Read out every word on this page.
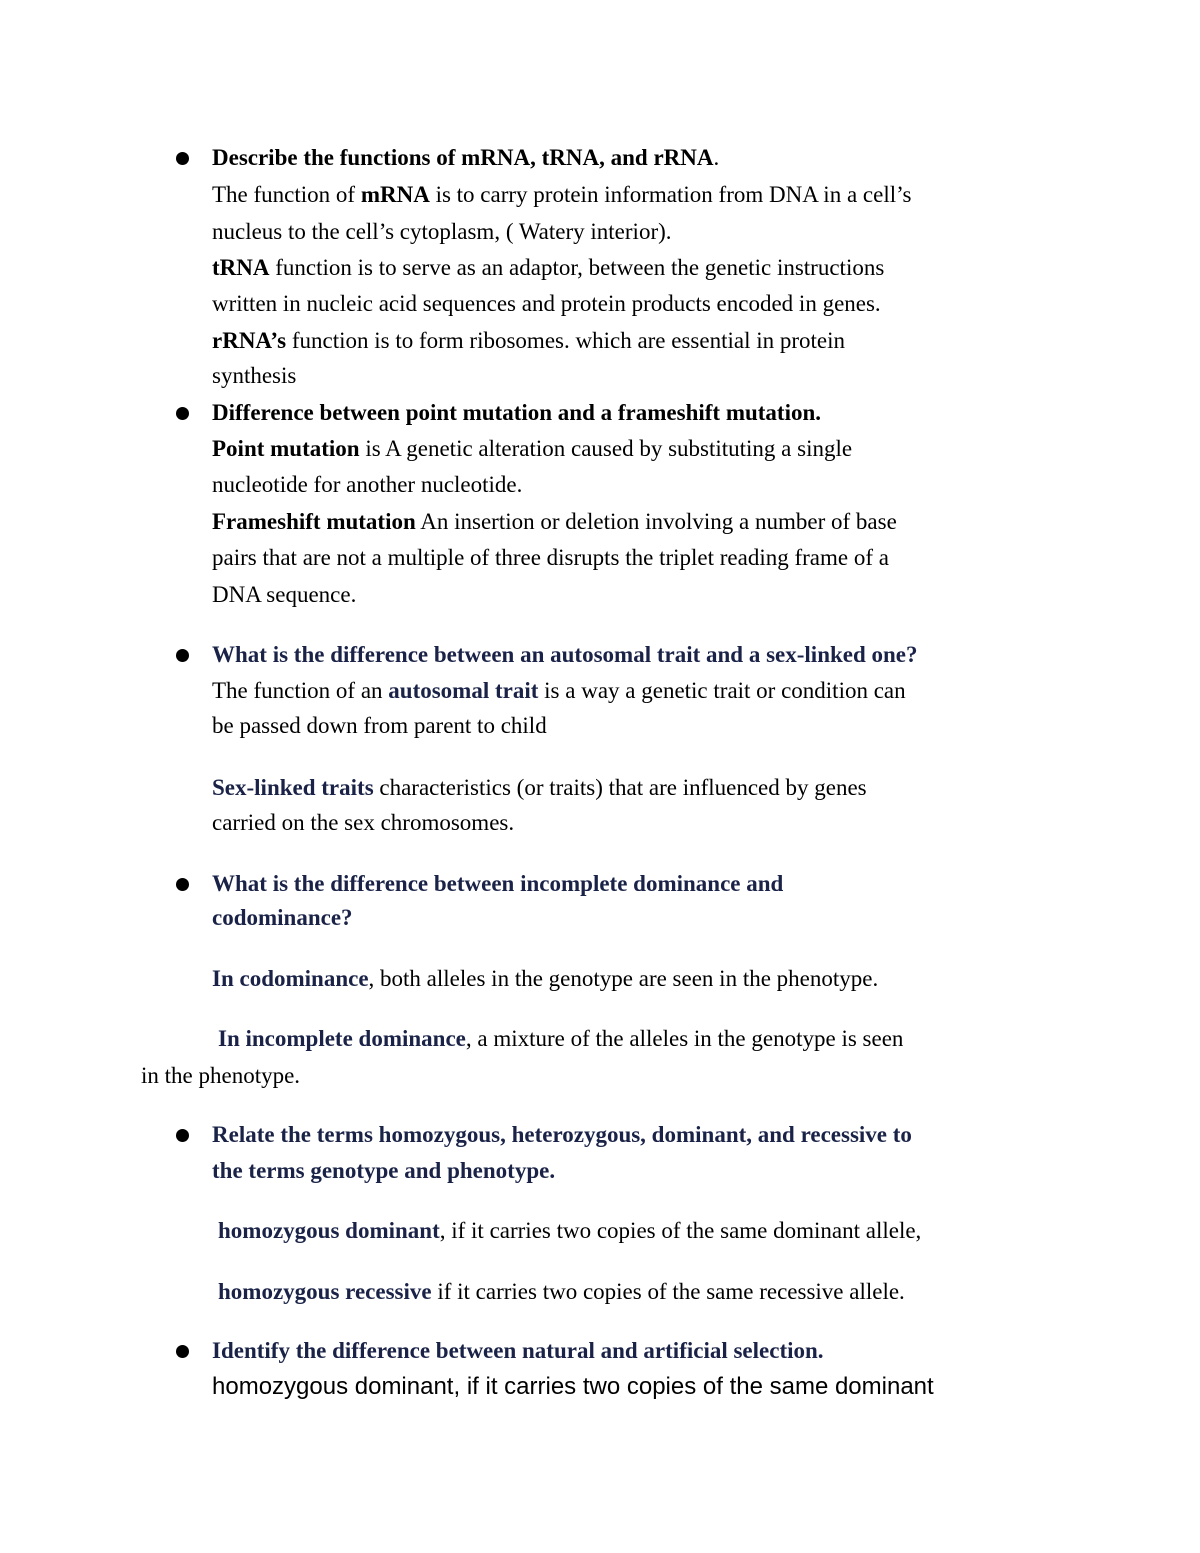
Describe the functions of mRNA, tRNA, and rRNA.
The function of mRNA is to carry protein information from DNA in a cell’s
nucleus to the cell’s cytoplasm, ( Watery interior).
tRNA function is to serve as an adaptor, between the genetic instructions
written in nucleic acid sequences and protein products encoded in genes.
rRNA’s function is to form ribosomes. which are essential in protein
synthesis
Difference between point mutation and a frameshift mutation.
Point mutation is A genetic alteration caused by substituting a single
nucleotide for another nucleotide.
Frameshift mutation An insertion or deletion involving a number of base
pairs that are not a multiple of three disrupts the triplet reading frame of a
DNA sequence.
What is the difference between an autosomal trait and a sex-linked one?
The function of an autosomal trait is a way a genetic trait or condition can
be passed down from parent to child
Sex-linked traits characteristics (or traits) that are influenced by genes
carried on the sex chromosomes.
What is the difference between incomplete dominance and
codominance?
In codominance, both alleles in the genotype are seen in the phenotype.
In incomplete dominance, a mixture of the alleles in the genotype is seen
in the phenotype.
Relate the terms homozygous, heterozygous, dominant, and recessive to
the terms genotype and phenotype.
homozygous dominant, if it carries two copies of the same dominant allele,
homozygous recessive if it carries two copies of the same recessive allele.
Identify the difference between natural and artificial selection.
homozygous dominant, if it carries two copies of the same dominant
